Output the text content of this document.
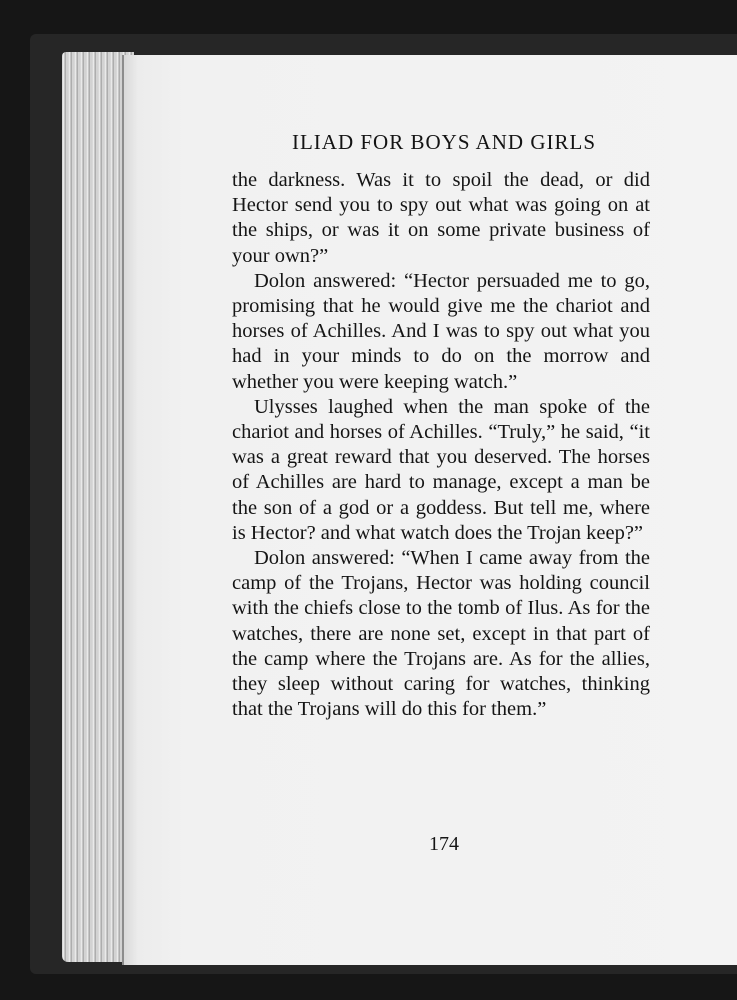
ILIAD FOR BOYS AND GIRLS

the darkness. Was it to spoil the dead, or did Hector send you to spy out what was going on at the ships, or was it on some private business of your own?”

Dolon answered: “Hector persuaded me to go, promising that he would give me the chariot and horses of Achilles. And I was to spy out what you had in your minds to do on the morrow and whether you were keeping watch.”

Ulysses laughed when the man spoke of the chariot and horses of Achilles. “Truly,” he said, “it was a great reward that you deserved. The horses of Achilles are hard to manage, except a man be the son of a god or a goddess. But tell me, where is Hector? and what watch does the Trojan keep?”

Dolon answered: “When I came away from the camp of the Trojans, Hector was holding council with the chiefs close to the tomb of Ilus. As for the watches, there are none set, except in that part of the camp where the Trojans are. As for the allies, they sleep without caring for watches, thinking that the Trojans will do this for them.”

174
